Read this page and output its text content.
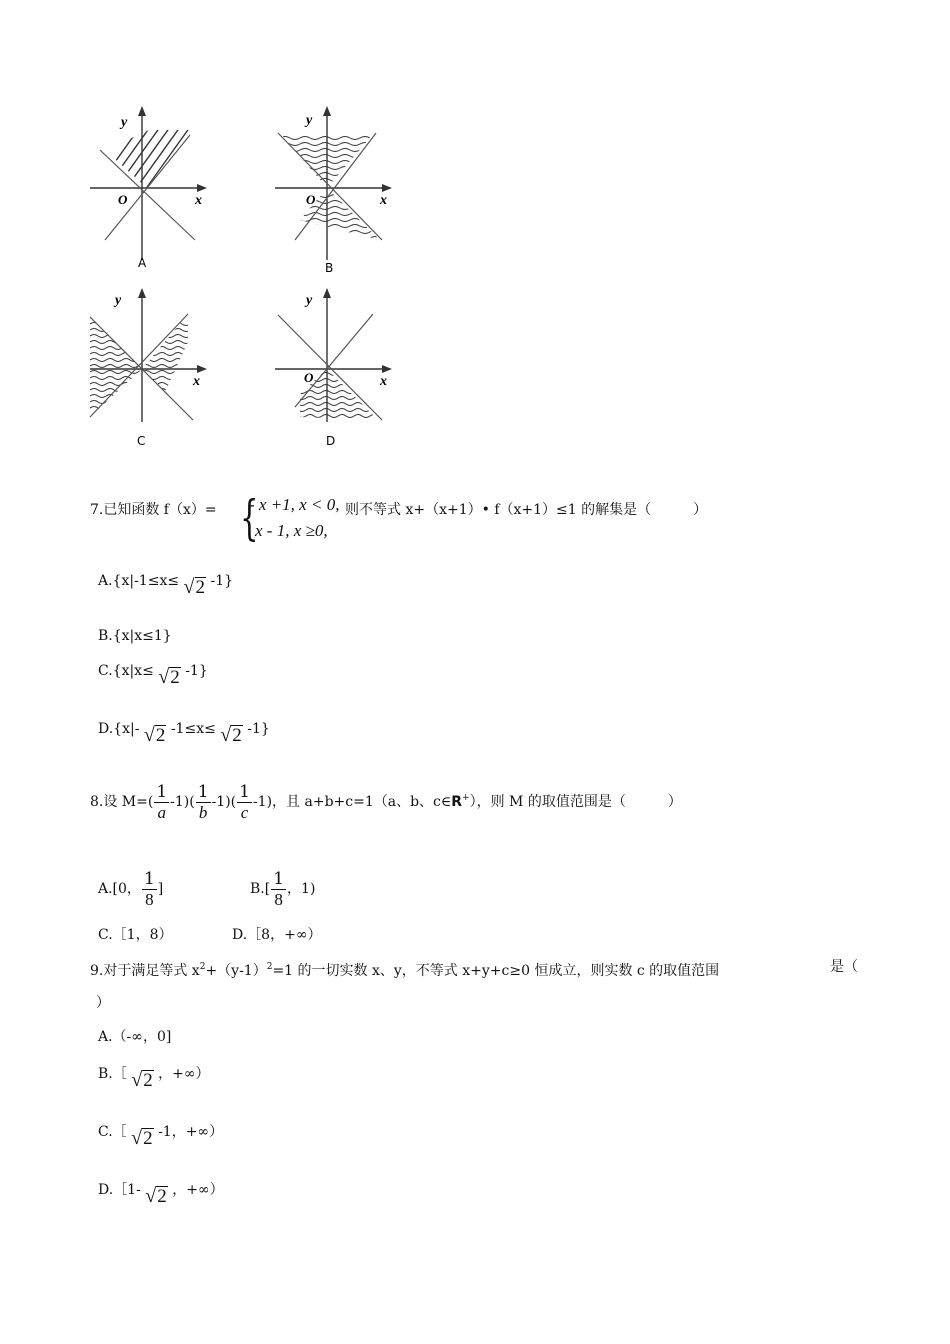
y
x
O
A
y
x
O
B
y
x
C
y
x
O
D
7.已知函数 f（x）= {
- x +1, x < 0,
x - 1, x ≥0,
则不等式 x+（x+1）• f（x+1）≤1 的解集是（　　　）
A.{x|-1≤x≤ √2 -1}
B.{x|x≤1}
C.{x|x≤ √2 -1}
D.{x|- √2 -1≤x≤ √2 -1}
8.设 $M=( \frac{1}{a} -1)( \frac{1}{b} -1)( \frac{1}{c} -1)$，且 a+b+c=1（a、b、c∈R+），则 M 的取值范围是（　　　）
A.[0， $\frac{1}{8}$ ]	$B.[ \frac{1}{8}$ ，1)
C.［1，8）	D.［8，+∞）
9.对于满足等式 $x^2+(y-1)^2=1$ 的一切实数 x、y，不等式 x+y+c≥0 恒成立，则实数 c 的取值范围	是（
）
A.（-∞，0]
B.［ √2 ，+∞）
C.［ √2 -1，+∞）
D.［1- √2 ，+∞）
